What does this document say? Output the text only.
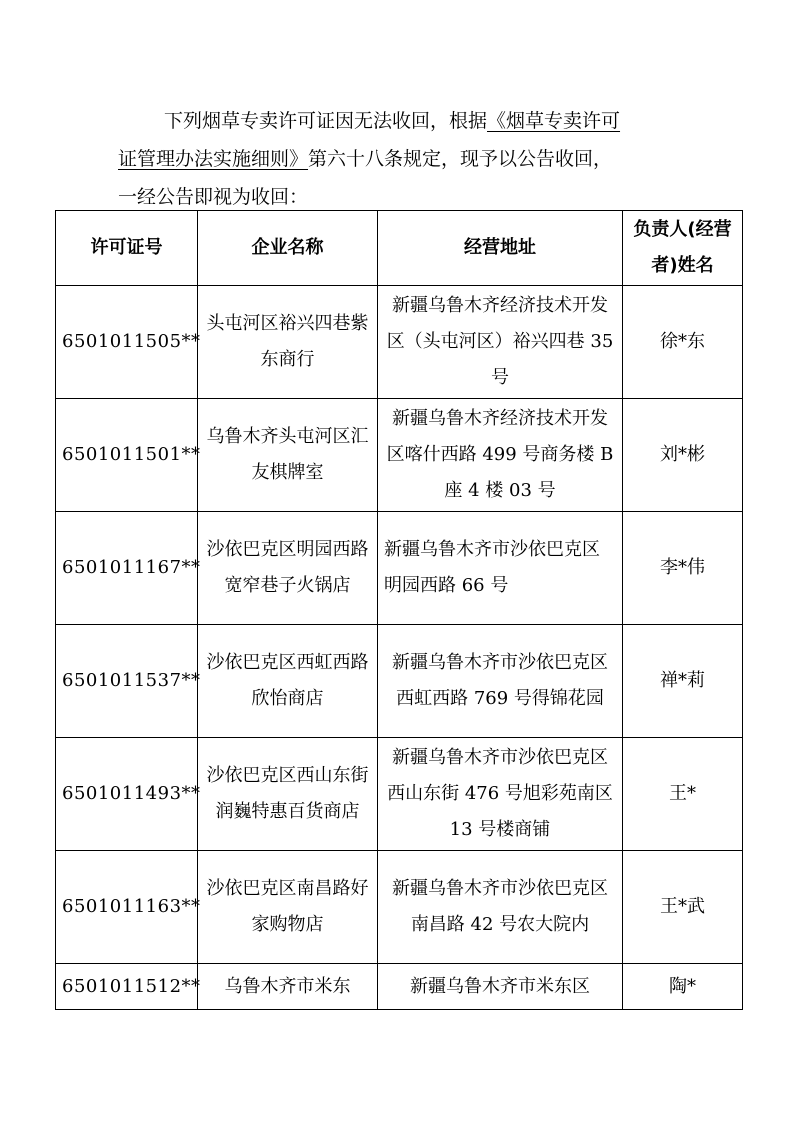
下列烟草专卖许可证因无法收回，根据《烟草专卖许可
证管理办法实施细则》第六十八条规定，现予以公告收回，
一经公告即视为收回：
许可证号	企业名称	经营地址	负责人(经营者)姓名
6501011505**	头屯河区裕兴四巷紫东商行	新疆乌鲁木齐经济技术开发区（头屯河区）裕兴四巷 35 号	徐*东
6501011501**	乌鲁木齐头屯河区汇友棋牌室	新疆乌鲁木齐经济技术开发区喀什西路 499 号商务楼 B 座 4 楼 03 号	刘*彬
6501011167**	沙依巴克区明园西路宽窄巷子火锅店	新疆乌鲁木齐市沙依巴克区明园西路 66 号	李*伟
6501011537**	沙依巴克区西虹西路欣怡商店	新疆乌鲁木齐市沙依巴克区西虹西路 769 号得锦花园	禅*莉
6501011493**	沙依巴克区西山东街润巍特惠百货商店	新疆乌鲁木齐市沙依巴克区西山东街 476 号旭彩苑南区 13 号楼商铺	王*
6501011163**	沙依巴克区南昌路好家购物店	新疆乌鲁木齐市沙依巴克区南昌路 42 号农大院内	王*武
6501011512**	乌鲁木齐市米东	新疆乌鲁木齐市米东区	陶*
